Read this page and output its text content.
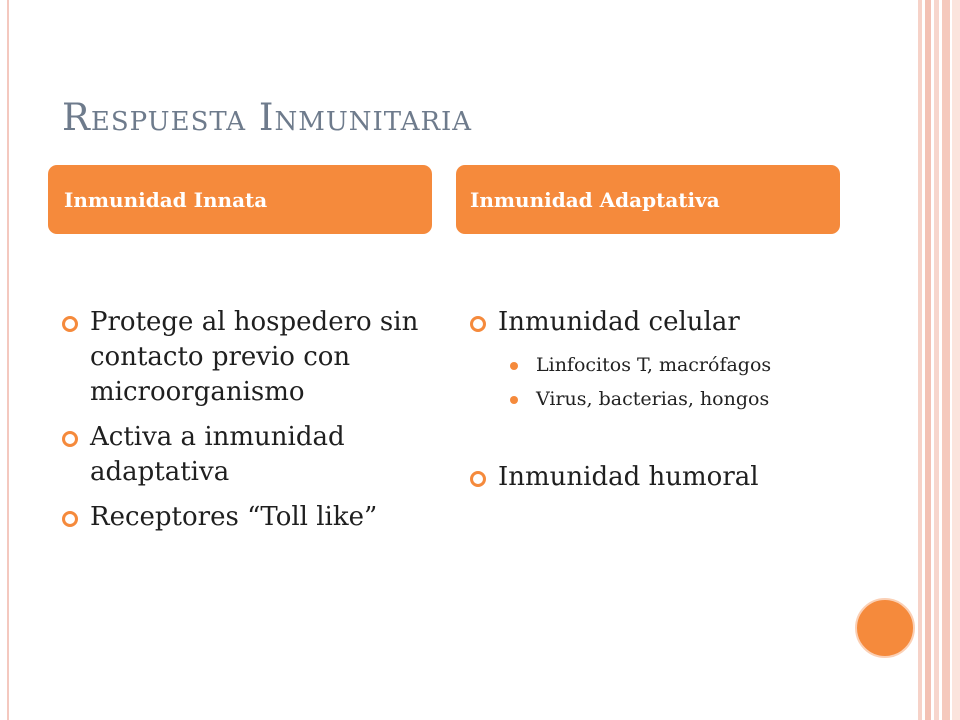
Respuesta Inmunitaria
Inmunidad Innata	Inmunidad Adaptativa
Protege al hospedero sin contacto previo con microorganismo
Activa a inmunidad adaptativa
Receptores “Toll like”
Inmunidad celular
Linfocitos T, macrófagos
Virus, bacterias, hongos
Inmunidad humoral
